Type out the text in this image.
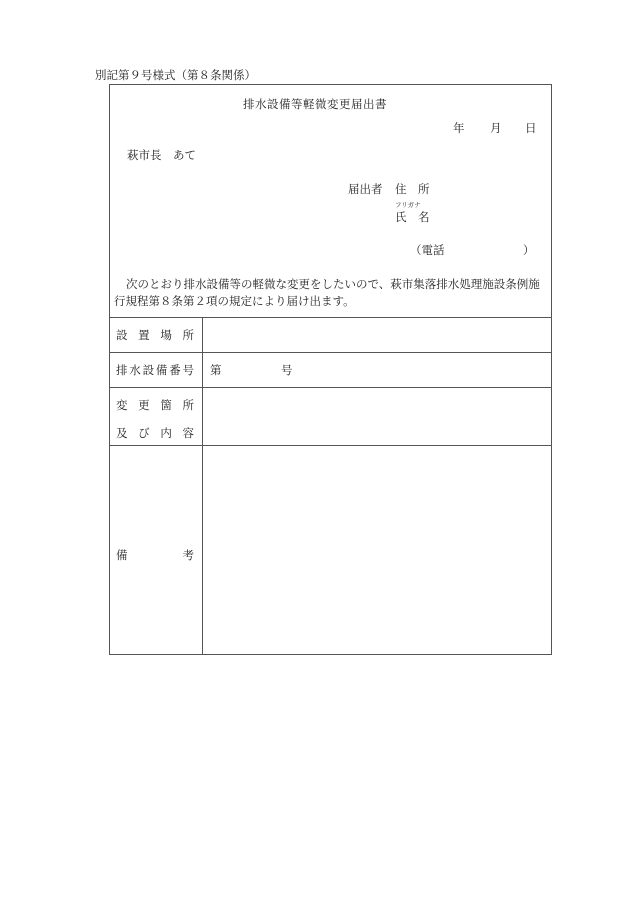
別記第９号様式（第８条関係）
排水設備等軽微変更届出書
年 月 日
萩市長　あて
届出者 住　所
フリガナ
氏　名
（電話	）
次のとおり排水設備等の軽微な変更をしたいので、萩市集落排水処理施設条例施行規程第８条第２項の規定により届け出ます。
設 置 場 所
排 水 設 備 番 号 第	号
変 更 箇 所
及 び 内 容
備	考
